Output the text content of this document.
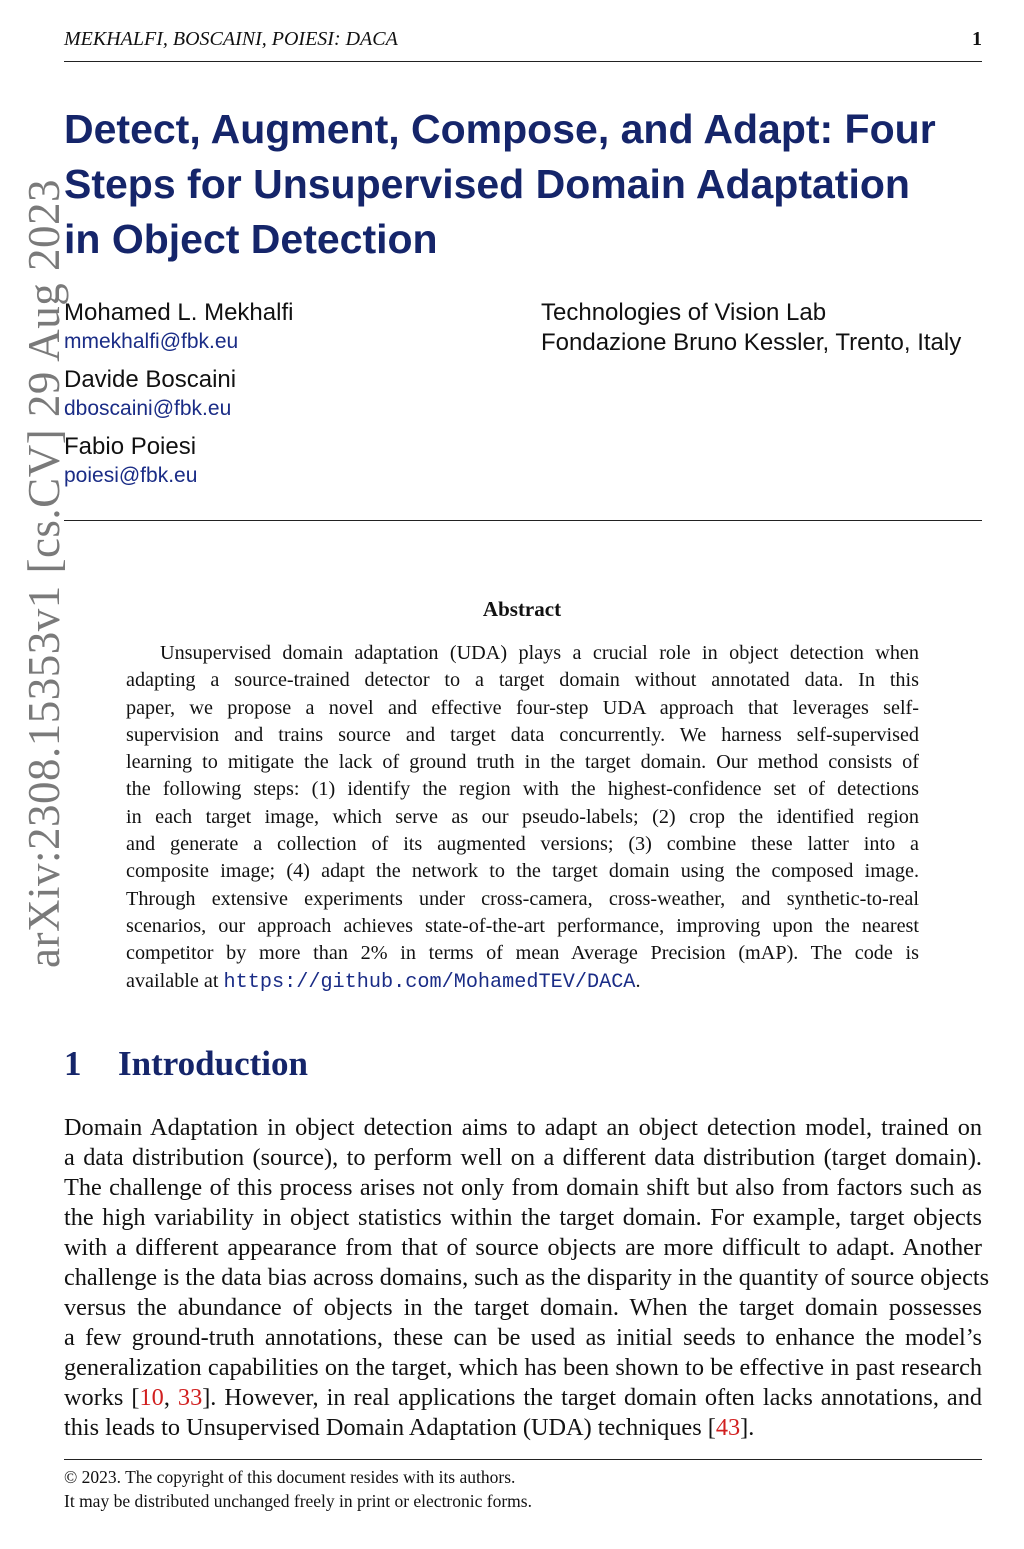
MEKHALFI, BOSCAINI, POIESI: DACA	1
arXiv:2308.15353v1 [cs.CV] 29 Aug 2023
Detect, Augment, Compose, and Adapt: Four
Steps for Unsupervised Domain Adaptation
in Object Detection
Mohamed L. Mekhalfi
mmekhalfi@fbk.eu
Davide Boscaini
dboscaini@fbk.eu
Fabio Poiesi
poiesi@fbk.eu
Technologies of Vision Lab
Fondazione Bruno Kessler, Trento, Italy
Abstract
Unsupervised domain adaptation (UDA) plays a crucial role in object detection when
adapting a source-trained detector to a target domain without annotated data. In this
paper, we propose a novel and effective four-step UDA approach that leverages self-
supervision and trains source and target data concurrently. We harness self-supervised
learning to mitigate the lack of ground truth in the target domain. Our method consists of
the following steps: (1) identify the region with the highest-confidence set of detections
in each target image, which serve as our pseudo-labels; (2) crop the identified region
and generate a collection of its augmented versions; (3) combine these latter into a
composite image; (4) adapt the network to the target domain using the composed image.
Through extensive experiments under cross-camera, cross-weather, and synthetic-to-real
scenarios, our approach achieves state-of-the-art performance, improving upon the nearest
competitor by more than 2% in terms of mean Average Precision (mAP). The code is
available at https://github.com/MohamedTEV/DACA.
1 Introduction
Domain Adaptation in object detection aims to adapt an object detection model, trained on
a data distribution (source), to perform well on a different data distribution (target domain).
The challenge of this process arises not only from domain shift but also from factors such as
the high variability in object statistics within the target domain. For example, target objects
with a different appearance from that of source objects are more difficult to adapt. Another
challenge is the data bias across domains, such as the disparity in the quantity of source objects
versus the abundance of objects in the target domain. When the target domain possesses
a few ground-truth annotations, these can be used as initial seeds to enhance the model’s
generalization capabilities on the target, which has been shown to be effective in past research
works [10, 33]. However, in real applications the target domain often lacks annotations, and
this leads to Unsupervised Domain Adaptation (UDA) techniques [43].
© 2023. The copyright of this document resides with its authors.
It may be distributed unchanged freely in print or electronic forms.
